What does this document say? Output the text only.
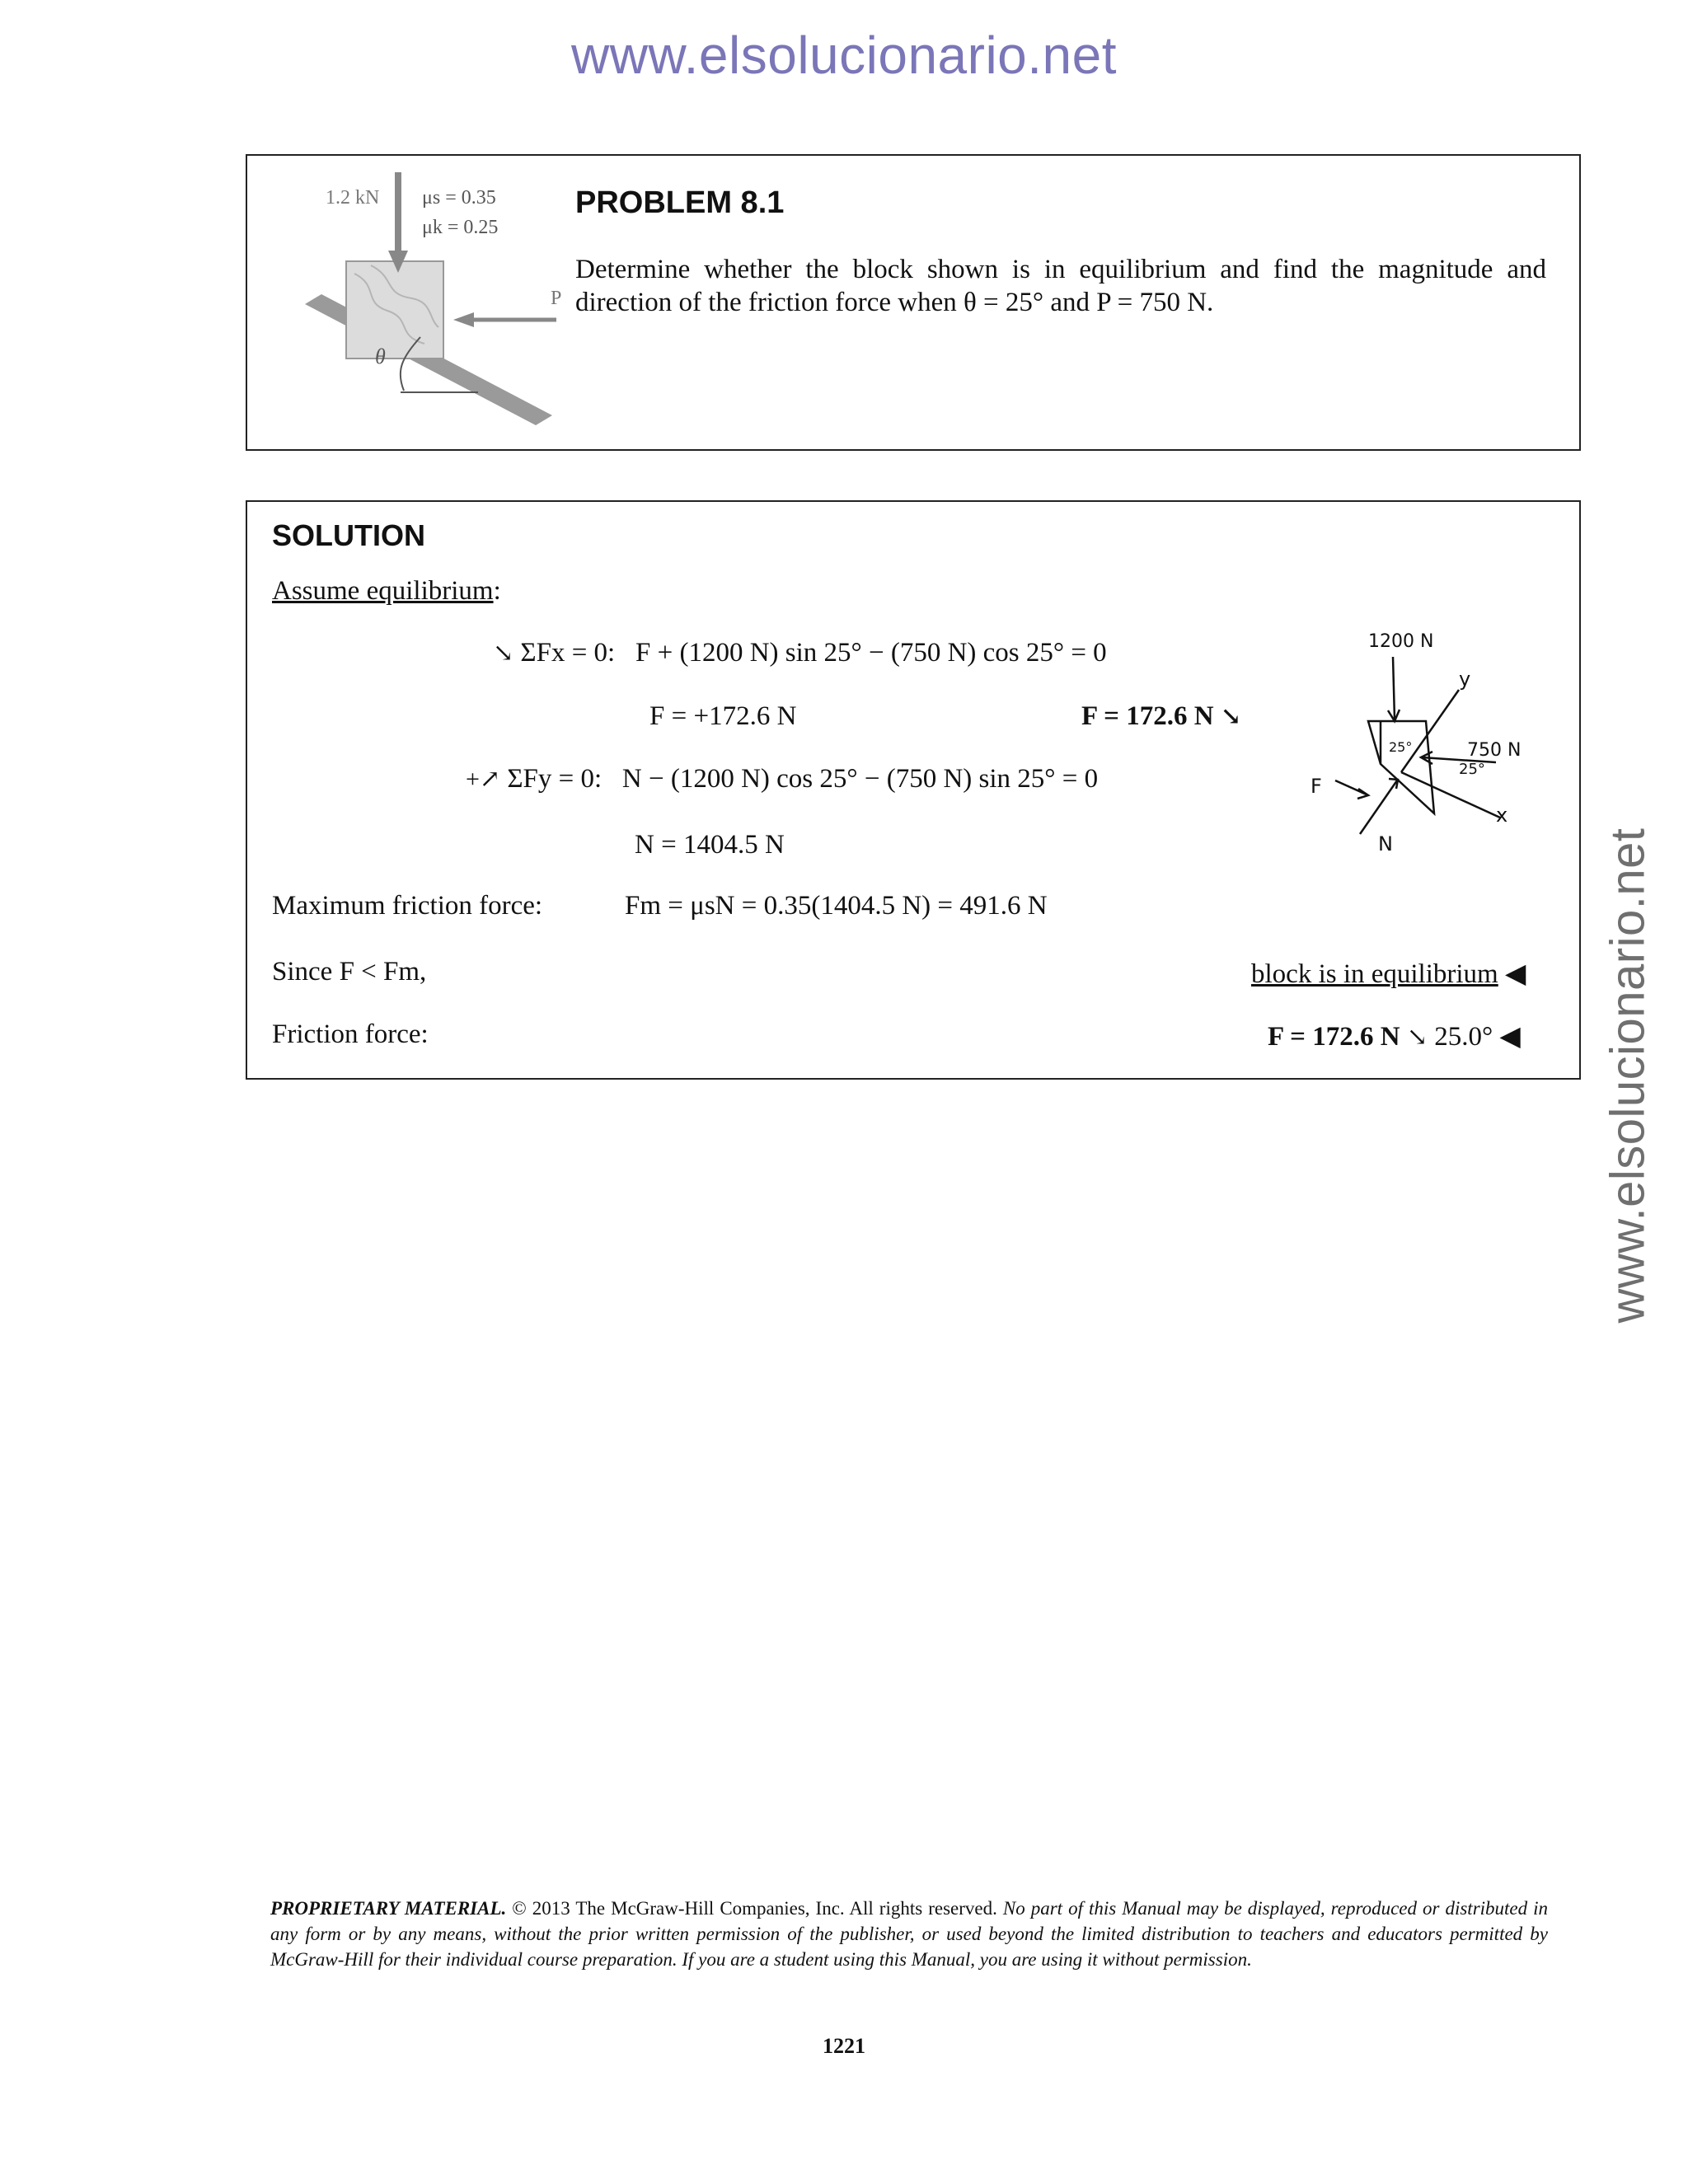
www.elsolucionario.net
www.elsolucionario.net
1.2 kN μs = 0.35
μk = 0.25
P
θ
PROBLEM 8.1
Determine whether the block shown is in equilibrium and find the magnitude and direction of the friction force when θ = 25° and P = 750 N.
SOLUTION
Assume equilibrium:
↘ ΣFx = 0: F + (1200 N) sin 25° − (750 N) cos 25° = 0
F = +172.6 N	F = 172.6 N ↘
+↗ ΣFy = 0: N − (1200 N) cos 25° − (750 N) sin 25° = 0
N = 1404.5 N
Maximum friction force:	Fm = μsN = 0.35(1404.5 N) = 491.6 N
Since F < Fm,	block is in equilibrium ◀
Friction force:	F = 172.6 N ↘ 25.0° ◀
1200 N
y
750 N
25°
25°
x
F
N
PROPRIETARY MATERIAL. © 2013 The McGraw-Hill Companies, Inc. All rights reserved. No part of this Manual may be displayed, reproduced or distributed in any form or by any means, without the prior written permission of the publisher, or used beyond the limited distribution to teachers and educators permitted by McGraw-Hill for their individual course preparation. If you are a student using this Manual, you are using it without permission.
1221
